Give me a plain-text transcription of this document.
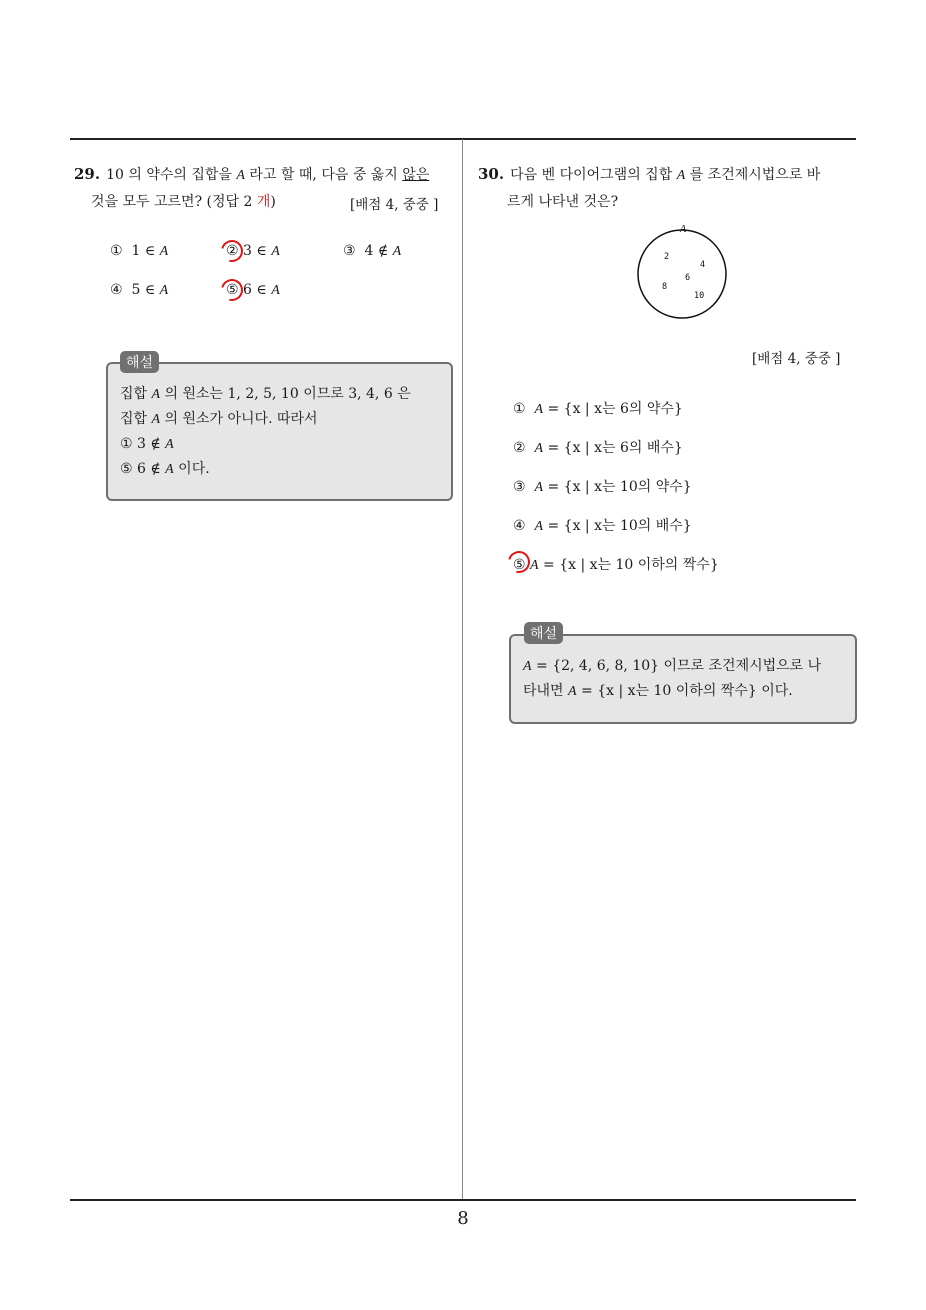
29. 10 의 약수의 집합을 A 라고 할 때, 다음 중 옳지 않은
것을 모두 고르면? (정답 2 개)	[배점 4, 중중 ]
① 1 ∈ A	② 3 ∈ A	③ 4 ∉ A
④ 5 ∈ A	⑤ 6 ∈ A
집합 A 의 원소는 1, 2, 5, 10 이므로 3, 4, 6 은
집합 A 의 원소가 아니다. 따라서
① 3 ∉ A
⑤ 6 ∉ A 이다.
해설
30. 다음 벤 다이어그램의 집합 A 를 조건제시법으로 바
르게 나타낸 것은?
A
2
4
6
8
10
[배점 4, 중중 ]
① A = {x | x는 6의 약수}
② A = {x | x는 6의 배수}
③ A = {x | x는 10의 약수}
④ A = {x | x는 10의 배수}
⑤ A = {x | x는 10 이하의 짝수}
A = {2, 4, 6, 8, 10} 이므로 조건제시법으로 나
타내면 A = {x | x는 10 이하의 짝수} 이다.
해설
8
